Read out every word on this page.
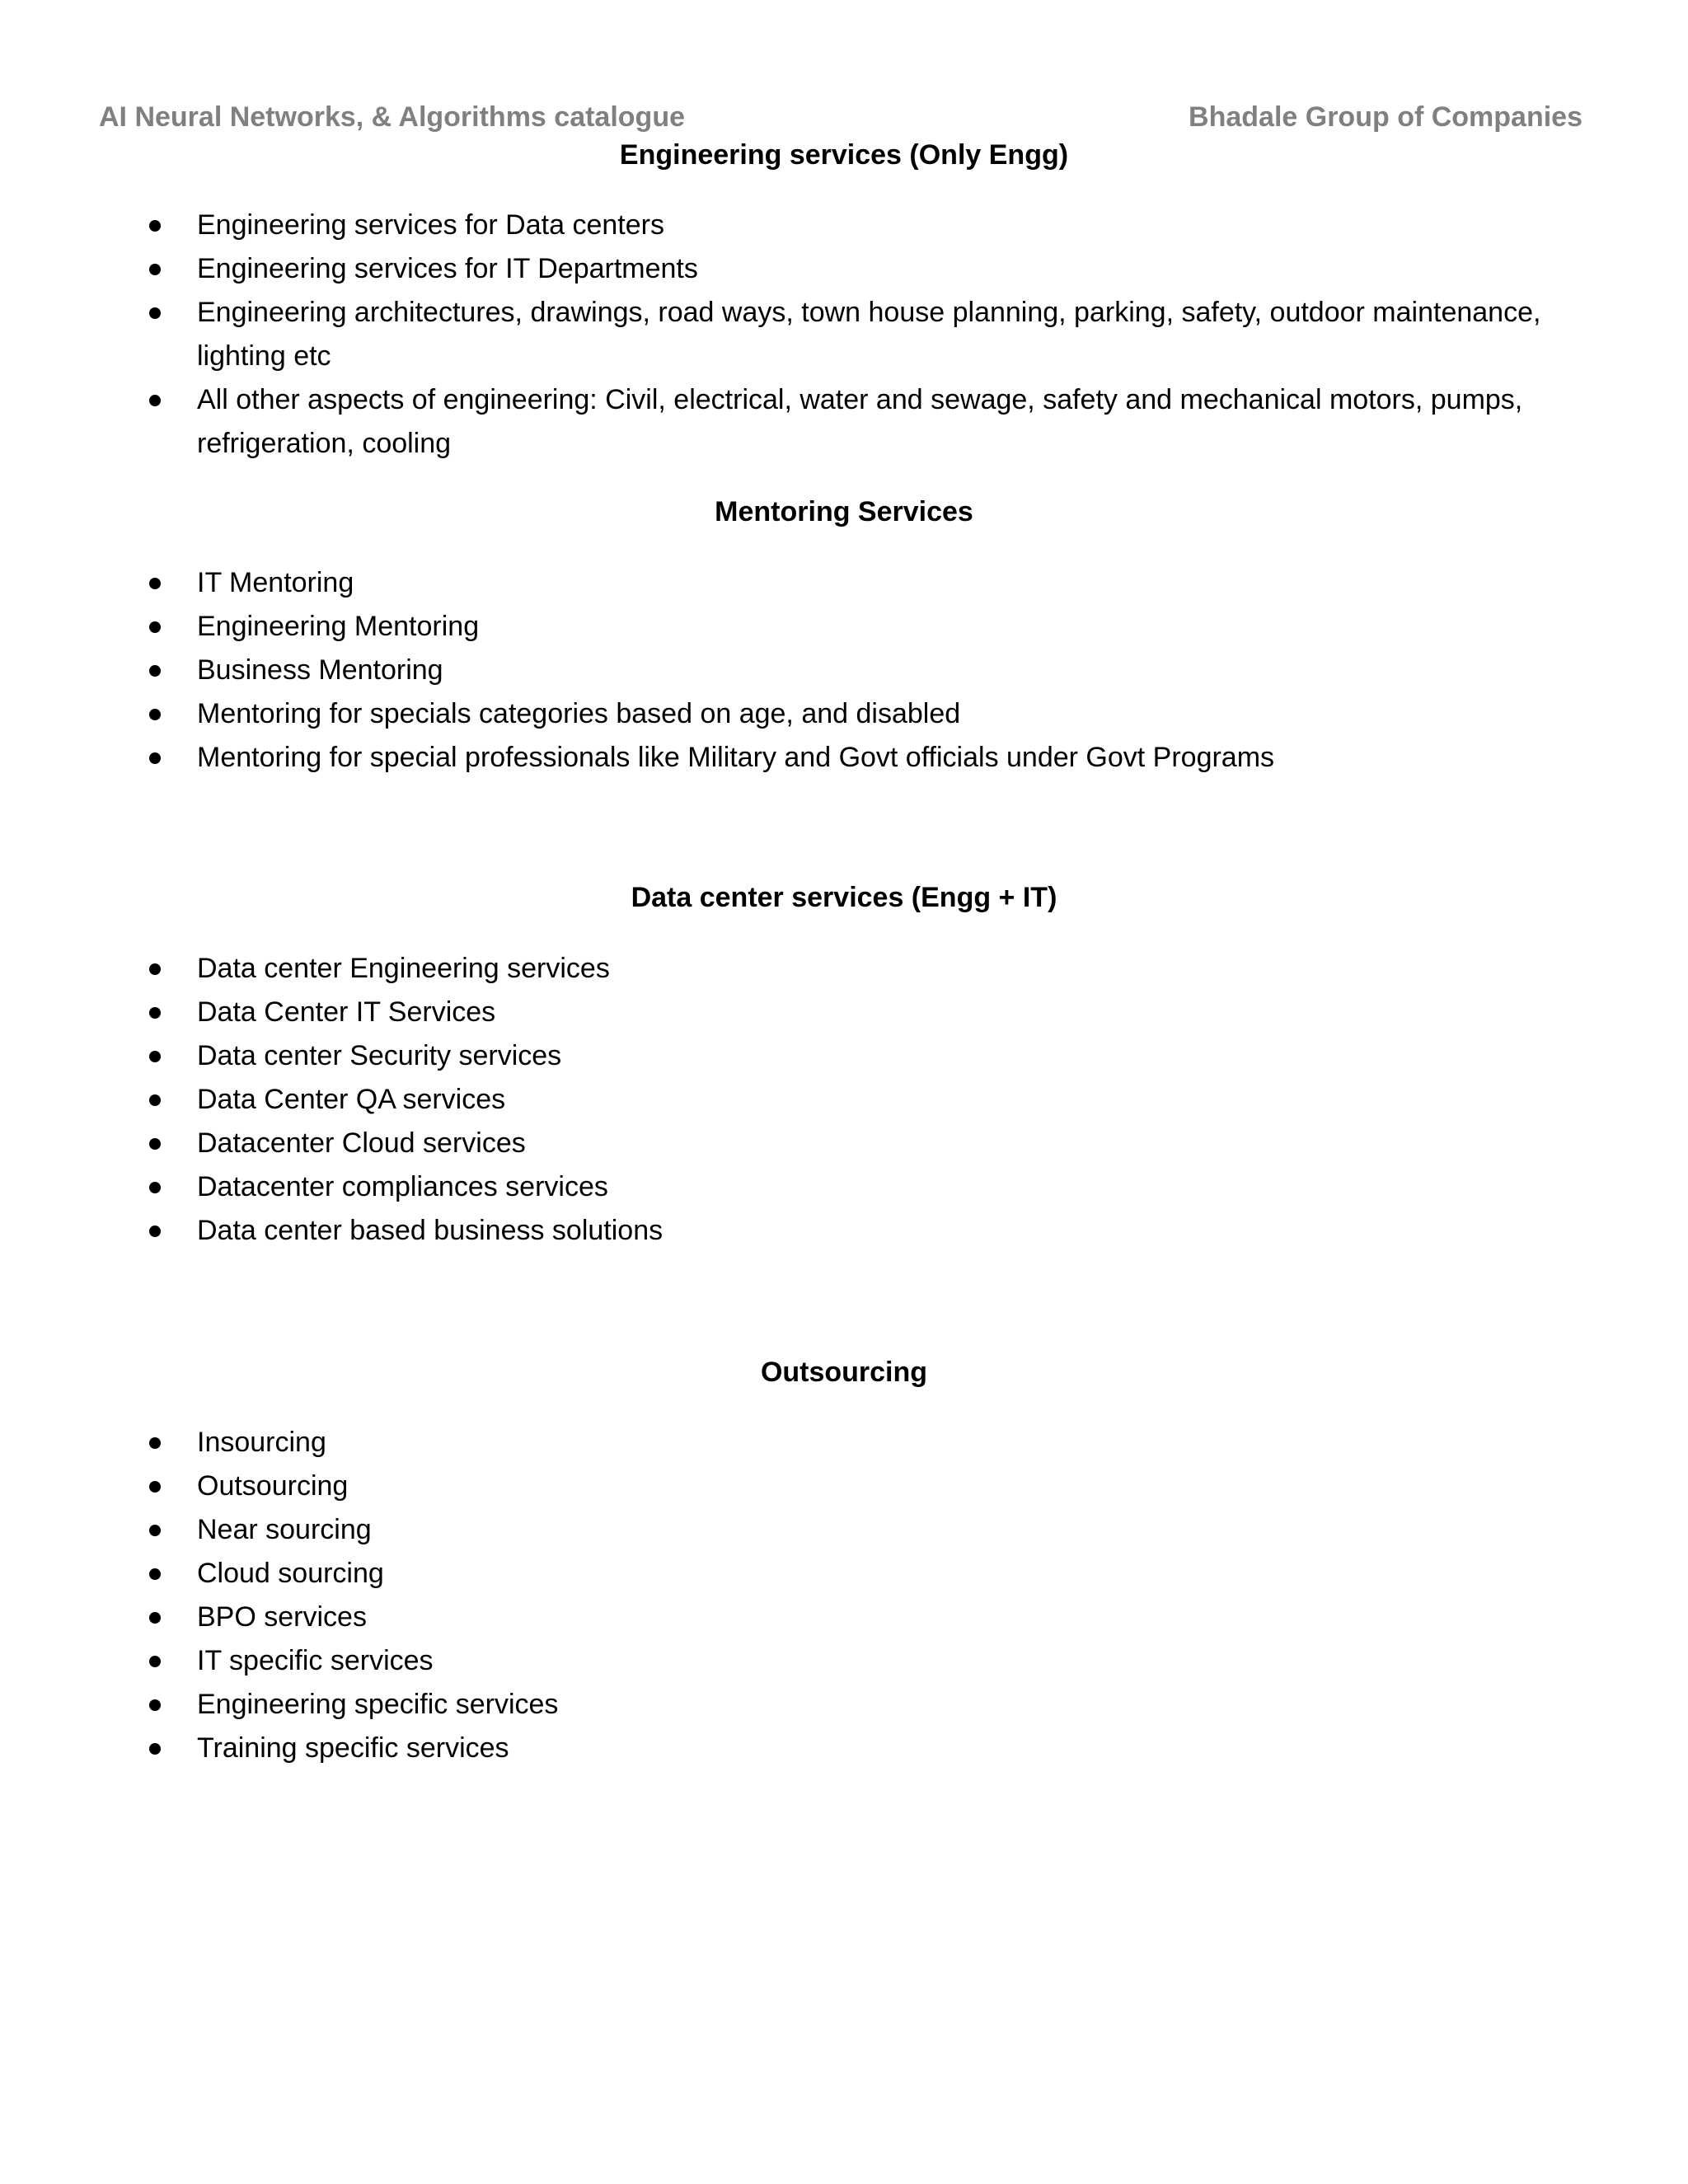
AI Neural Networks, & Algorithms catalogue	Bhadale Group of Companies
Engineering services (Only Engg)
Engineering services for Data centers
Engineering services for IT Departments
Engineering architectures, drawings, road ways, town house planning, parking, safety, outdoor maintenance, lighting etc
All other aspects of engineering: Civil, electrical, water and sewage, safety and mechanical motors, pumps, refrigeration, cooling
Mentoring Services
IT Mentoring
Engineering Mentoring
Business Mentoring
Mentoring for specials categories based on age, and disabled
Mentoring for special professionals like Military and Govt officials under Govt Programs
Data center services (Engg + IT)
Data center Engineering services
Data Center IT Services
Data center Security services
Data Center QA services
Datacenter Cloud services
Datacenter compliances services
Data center based business solutions
Outsourcing
Insourcing
Outsourcing
Near sourcing
Cloud sourcing
BPO services
IT specific services
Engineering specific services
Training specific services
